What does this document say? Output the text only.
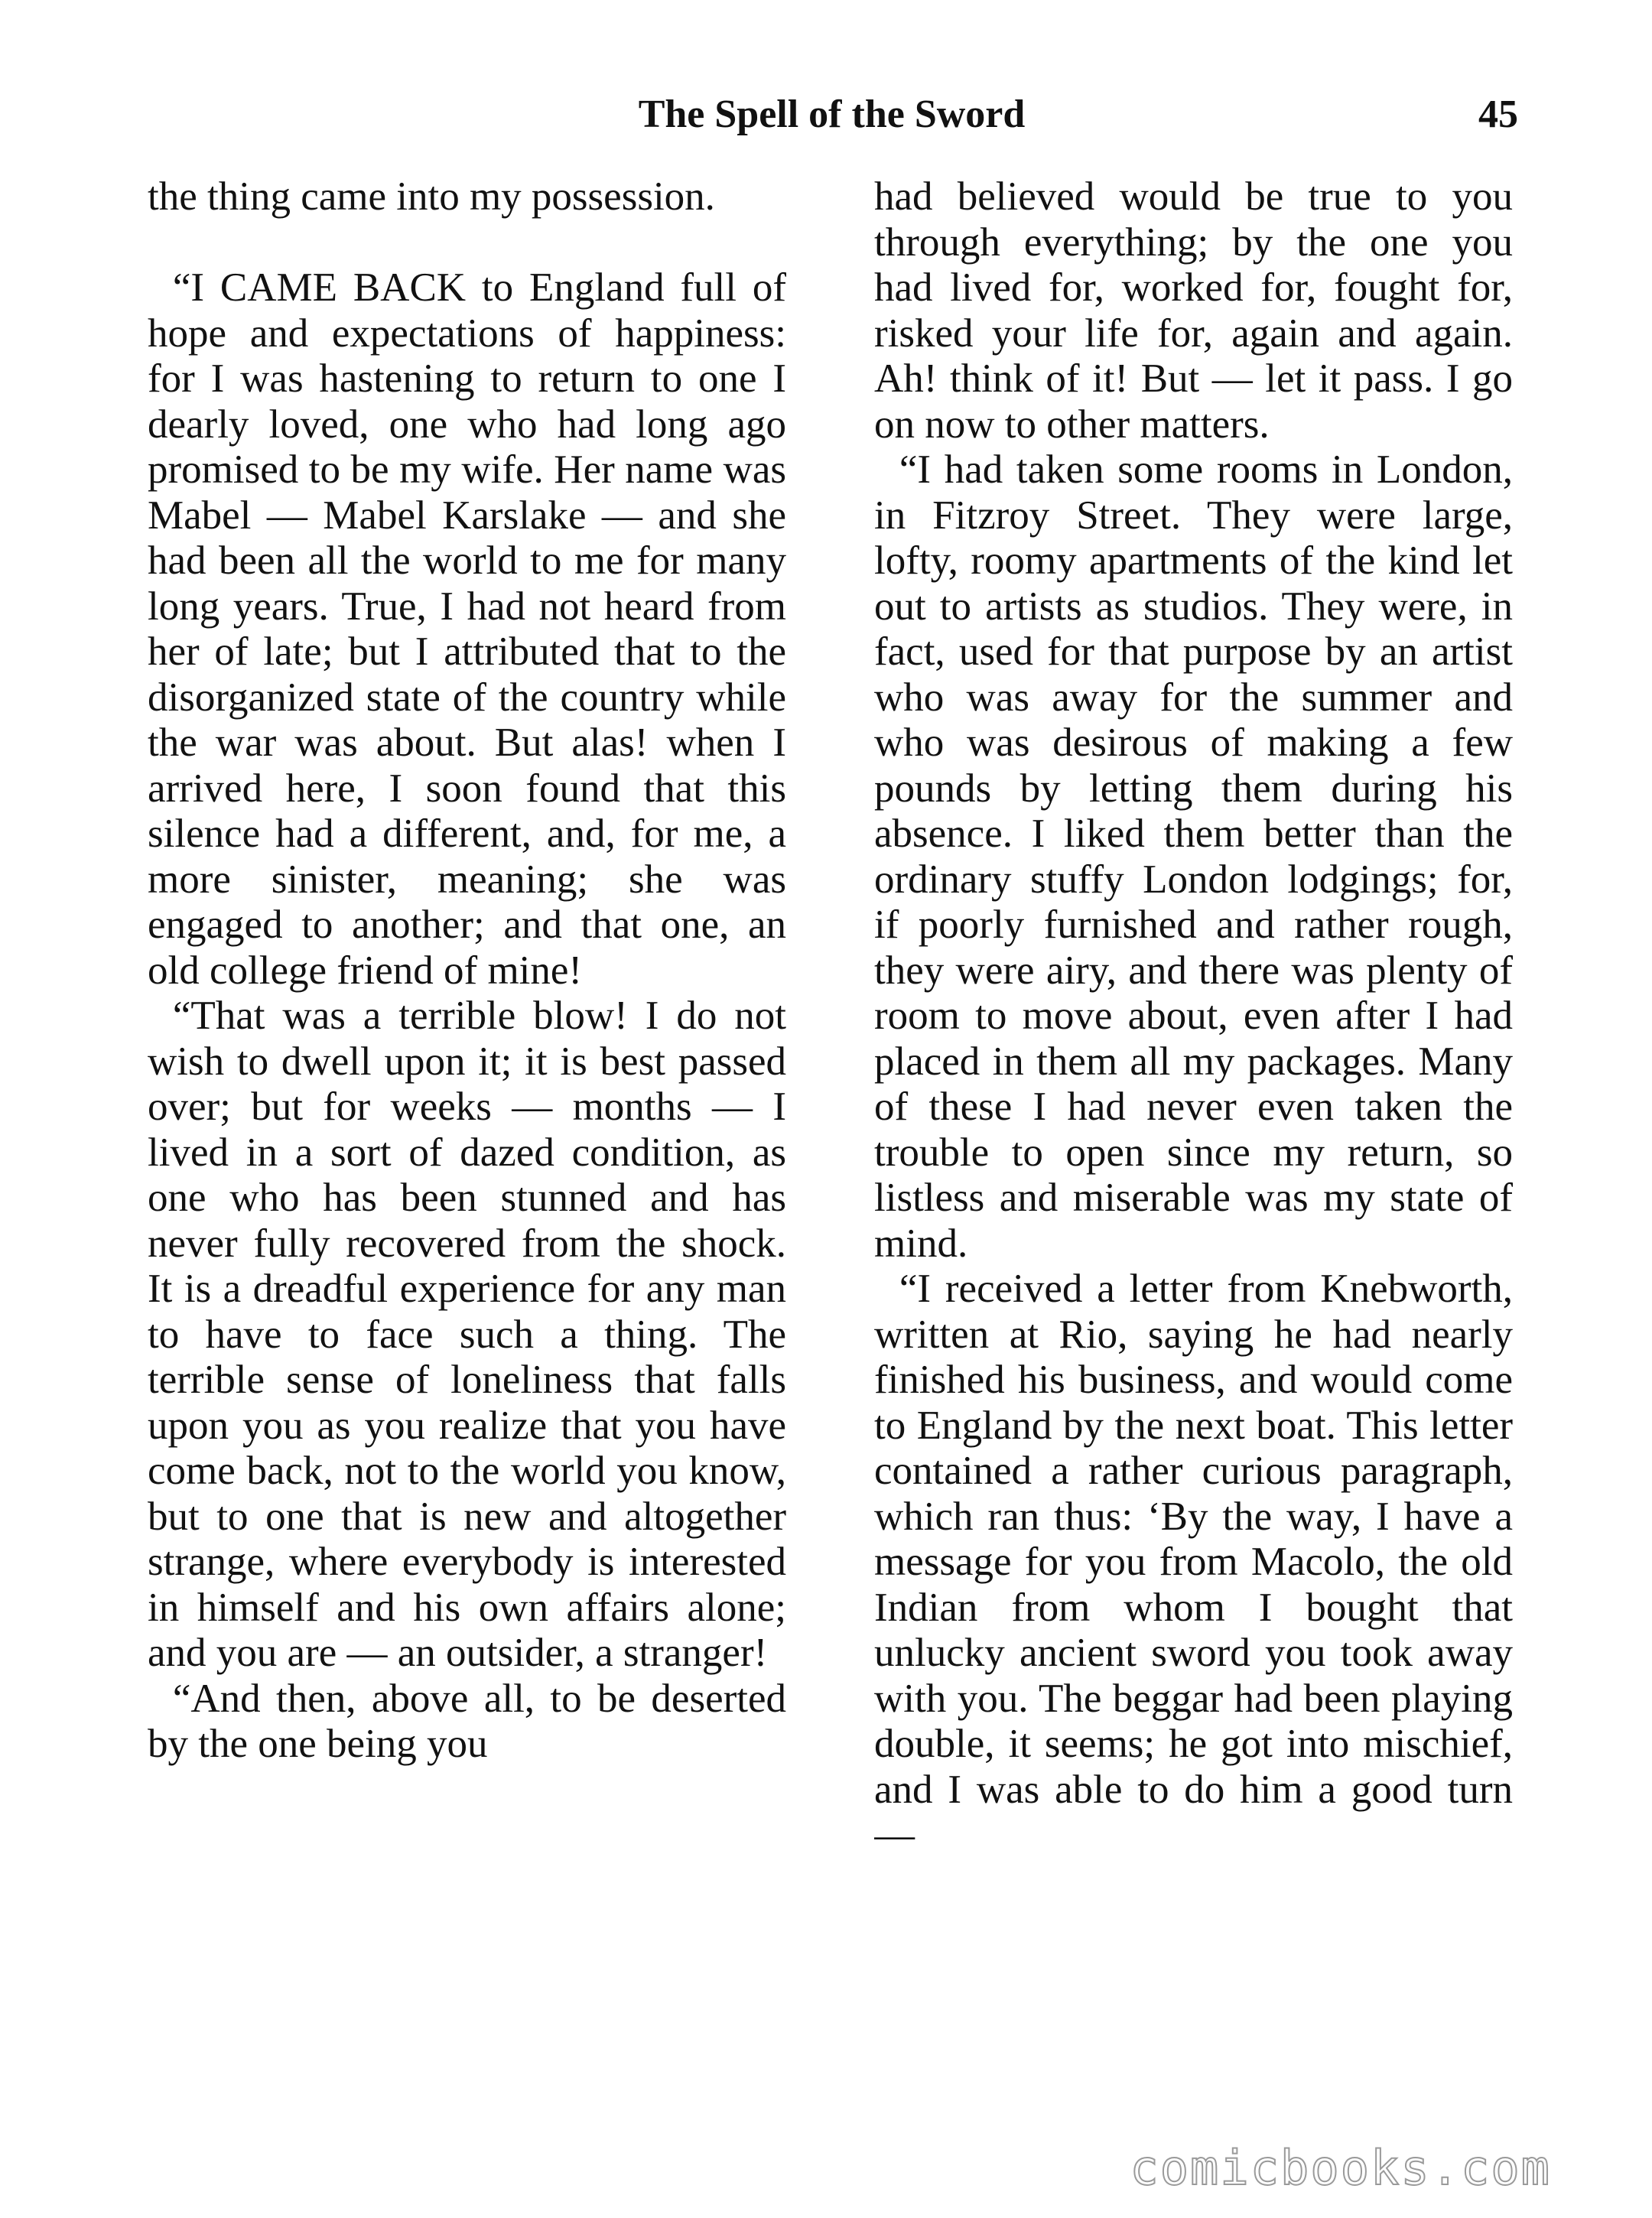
The Spell of the Sword	45

the thing came into my possession.

“I CAME BACK to England full of hope and expectations of happiness: for I was hastening to return to one I dearly loved, one who had long ago promised to be my wife. Her name was Mabel — Mabel Karslake — and she had been all the world to me for many long years. True, I had not heard from her of late; but I attributed that to the disorganized state of the country while the war was about. But alas! when I arrived here, I soon found that this silence had a different, and, for me, a more sinister, meaning; she was engaged to another; and that one, an old college friend of mine!

“That was a terrible blow! I do not wish to dwell upon it; it is best passed over; but for weeks — months — I lived in a sort of dazed condition, as one who has been stunned and has never fully recovered from the shock. It is a dreadful experience for any man to have to face such a thing. The terrible sense of loneliness that falls upon you as you realize that you have come back, not to the world you know, but to one that is new and altogether strange, where everybody is interested in himself and his own affairs alone; and you are — an outsider, a stranger!

“And then, above all, to be deserted by the one being you

had believed would be true to you through everything; by the one you had lived for, worked for, fought for, risked your life for, again and again. Ah! think of it! But — let it pass. I go on now to other matters.

“I had taken some rooms in London, in Fitzroy Street. They were large, lofty, roomy apartments of the kind let out to artists as studios. They were, in fact, used for that purpose by an artist who was away for the summer and who was desirous of making a few pounds by letting them during his absence. I liked them better than the ordinary stuffy London lodgings; for, if poorly furnished and rather rough, they were airy, and there was plenty of room to move about, even after I had placed in them all my packages. Many of these I had never even taken the trouble to open since my return, so listless and miserable was my state of mind.

“I received a letter from Knebworth, written at Rio, saying he had nearly finished his business, and would come to England by the next boat. This letter contained a rather curious paragraph, which ran thus: ‘By the way, I have a message for you from Macolo, the old Indian from whom I bought that unlucky ancient sword you took away with you. The beggar had been playing double, it seems; he got into mischief, and I was able to do him a good turn —

comicbooks.com
